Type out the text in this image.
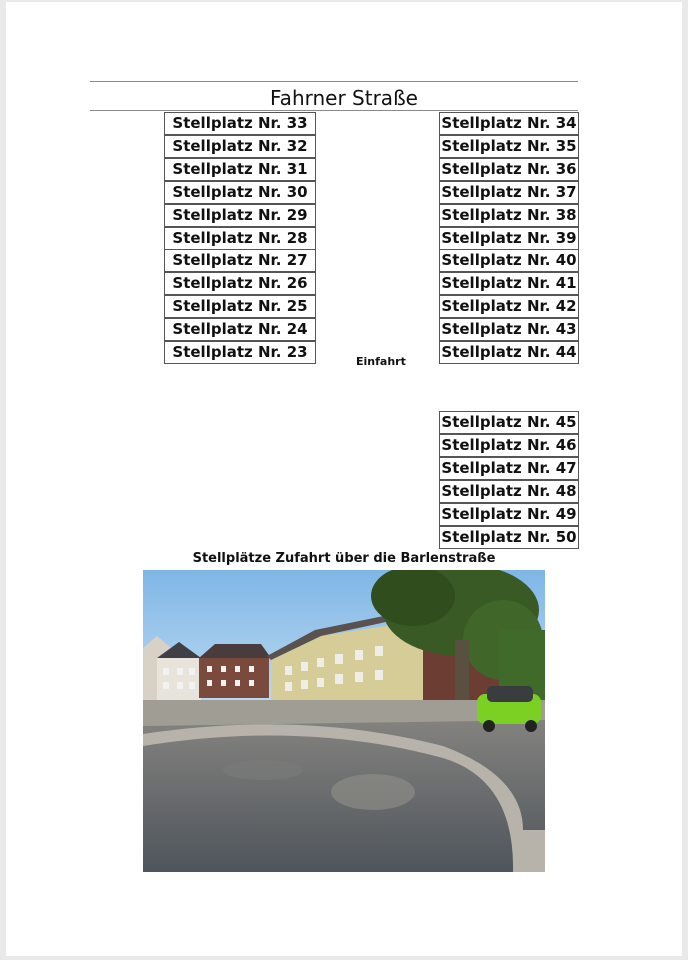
Fahrner Straße
Stellplatz Nr. 33
Stellplatz Nr. 32
Stellplatz Nr. 31
Stellplatz Nr. 30
Stellplatz Nr. 29
Stellplatz Nr. 28
Stellplatz Nr. 27
Stellplatz Nr. 26
Stellplatz Nr. 25
Stellplatz Nr. 24
Stellplatz Nr. 23
Stellplatz Nr. 34
Stellplatz Nr. 35
Stellplatz Nr. 36
Stellplatz Nr. 37
Stellplatz Nr. 38
Stellplatz Nr. 39
Stellplatz Nr. 40
Stellplatz Nr. 41
Stellplatz Nr. 42
Stellplatz Nr. 43
Stellplatz Nr. 44
Stellplatz Nr. 45
Stellplatz Nr. 46
Stellplatz Nr. 47
Stellplatz Nr. 48
Stellplatz Nr. 49
Stellplatz Nr. 50
Einfahrt
Stellplätze Zufahrt über die Barlenstraße
